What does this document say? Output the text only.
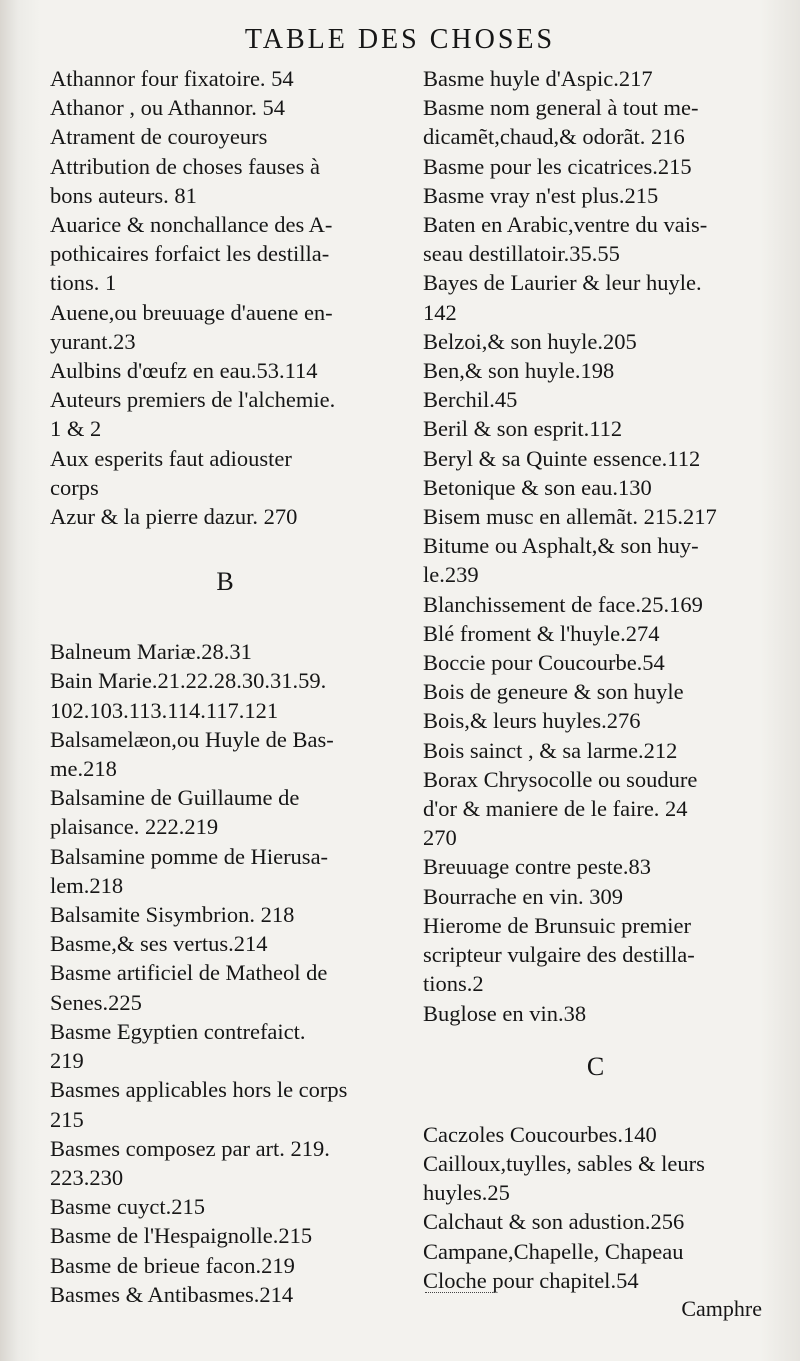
TABLE DES CHOSES

Athannor four fixatoire. 54

Athanor , ou Athannor. 54

Atrament de couroyeurs

Attribution de choses fauses à
bons auteurs. 81

Auarice & nonchallance des A-
pothicaires forfaict les destilla-
tions. 1

Auene,ou breuuage d'auene en-
yurant.23

Aulbins d'œufz en eau.53.114

Auteurs premiers de l'alchemie.
1 & 2

Aux esperits faut adiouster
corps

Azur & la pierre dazur. 270

B

Balneum Mariæ.28.31

Bain Marie.21.22.28.30.31.59.
102.103.113.114.117.121

Balsamelæon,ou Huyle de Bas-
me.218

Balsamine de Guillaume de
plaisance. 222.219

Balsamine pomme de Hierusa-
lem.218

Balsamite Sisymbrion. 218

Basme,& ses vertus.214

Basme artificiel de Matheol de
Senes.225

Basme Egyptien contrefaict.
219

Basmes applicables hors le corps
215

Basmes composez par art. 219.
223.230

Basme cuyct.215

Basme de l'Hespaignolle.215

Basme de brieue facon.219

Basmes & Antibasmes.214

Basme huyle d'Aspic.217

Basme nom general à tout me-
dicamẽt,chaud,& odorãt. 216

Basme pour les cicatrices.215

Basme vray n'est plus.215

Baten en Arabic,ventre du vais-
seau destillatoir.35.55

Bayes de Laurier & leur huyle.
142

Belzoi,& son huyle.205

Ben,& son huyle.198

Berchil.45

Beril & son esprit.112

Beryl & sa Quinte essence.112

Betonique & son eau.130

Bisem musc en allemãt. 215.217

Bitume ou Asphalt,& son huy-
le.239

Blanchissement de face.25.169

Blé froment & l'huyle.274

Boccie pour Coucourbe.54

Bois de geneure & son huyle

Bois,& leurs huyles.276

Bois sainct , & sa larme.212

Borax Chrysocolle ou soudure
d'or & maniere de le faire. 24
270

Breuuage contre peste.83

Bourrache en vin. 309

Hierome de Brunsuic premier
scripteur vulgaire des destilla-
tions.2

Buglose en vin.38

C

Caczoles Coucourbes.140

Cailloux,tuylles, sables & leurs
huyles.25

Calchaut & son adustion.256

Campane,Chapelle, Chapeau

Cloche pour chapitel.54

Camphre
